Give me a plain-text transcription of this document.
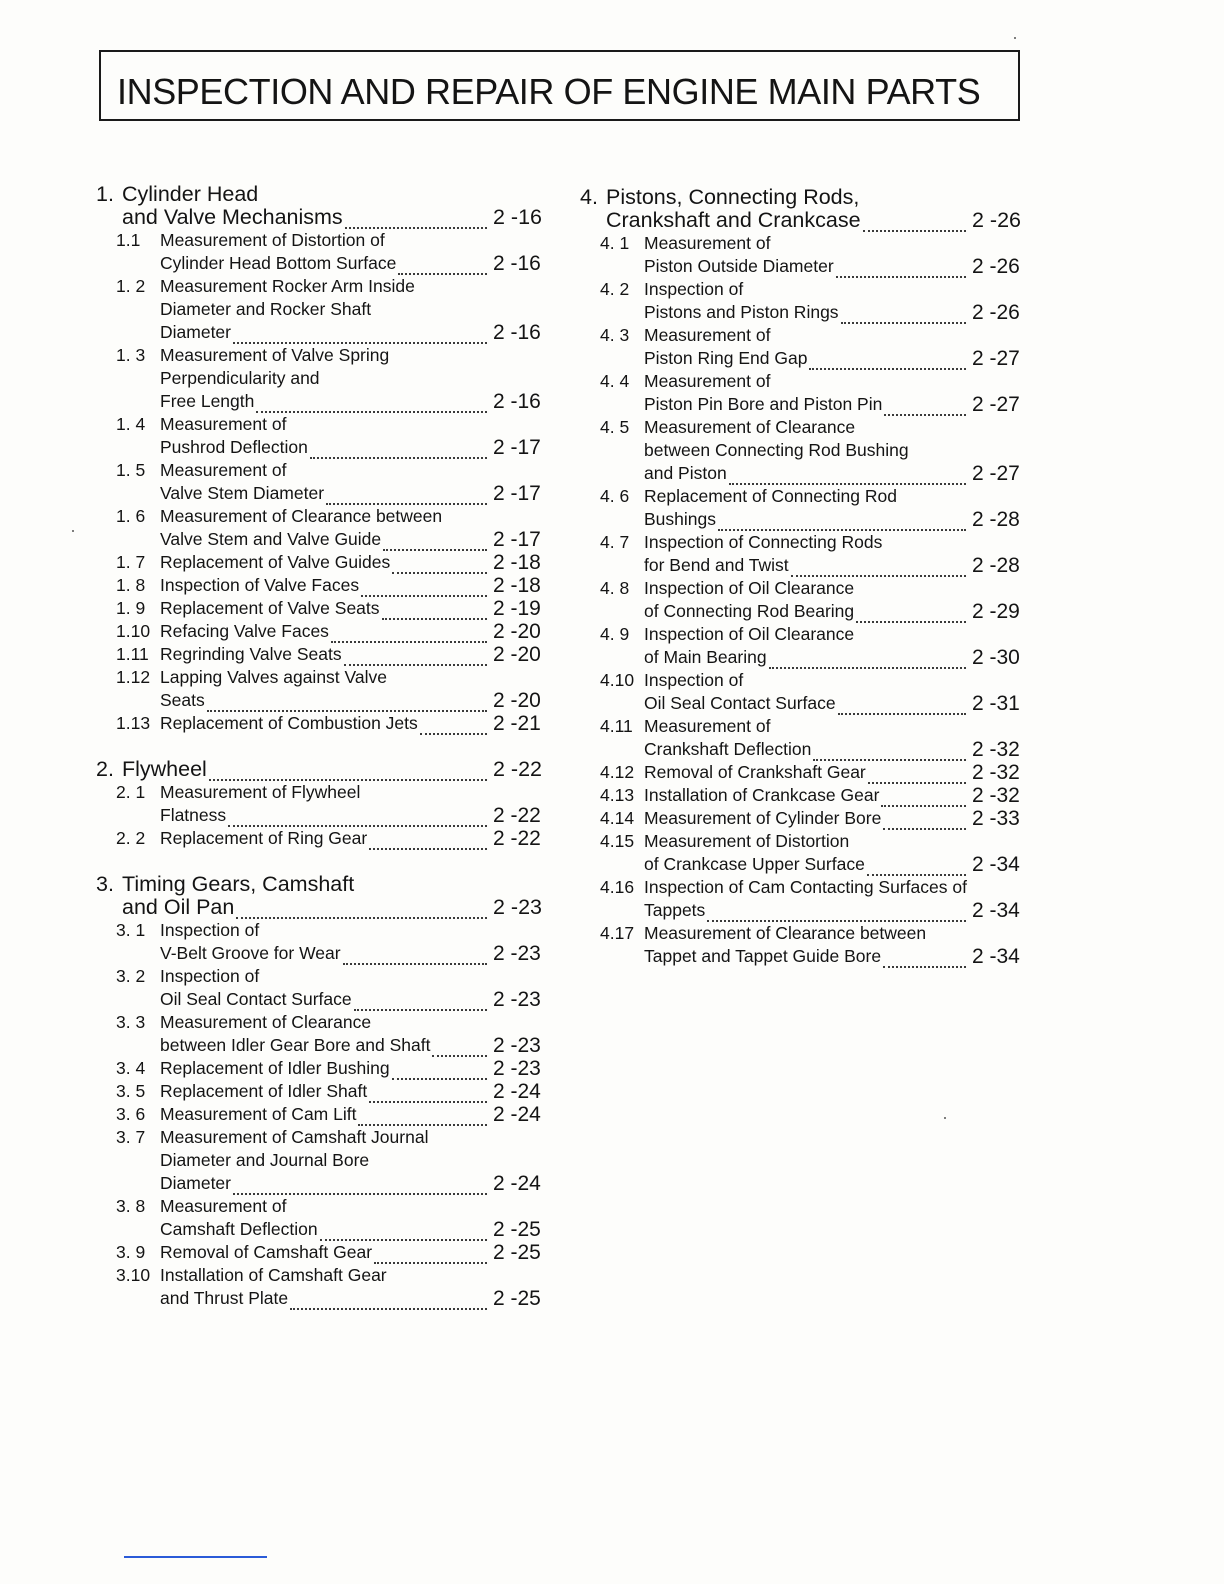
INSPECTION AND REPAIR OF ENGINE MAIN PARTS
1. Cylinder Head
and Valve Mechanisms	2 -16
1.1	Measurement of Distortion of
Cylinder Head Bottom Surface	2 -16
1. 2 Measurement Rocker Arm Inside
Diameter and Rocker Shaft
Diameter	2 -16
1. 3 Measurement of Valve Spring
Perpendicularity and
Free Length	2 -16
1. 4 Measurement of
Pushrod Deflection	2 -17
1. 5 Measurement of
Valve Stem Diameter	2 -17
1. 6 Measurement of Clearance between
Valve Stem and Valve Guide	2 -17
1. 7 Replacement of Valve Guides	2 -18
1. 8 Inspection of Valve Faces	2 -18
1. 9 Replacement of Valve Seats	2 -19
1.10 Refacing Valve Faces	2 -20
1.11 Regrinding Valve Seats	2 -20
1.12 Lapping Valves against Valve
Seats	2 -20
1.13 Replacement of Combustion Jets	2 -21
2. Flywheel	2 -22
2. 1 Measurement of Flywheel
Flatness	2 -22
2. 2 Replacement of Ring Gear	2 -22
3. Timing Gears, Camshaft
and Oil Pan	2 -23
3. 1 Inspection of
V-Belt Groove for Wear	2 -23
3. 2 Inspection of
Oil Seal Contact Surface	2 -23
3. 3 Measurement of Clearance
between Idler Gear Bore and Shaft	2 -23
3. 4 Replacement of Idler Bushing	2 -23
3. 5 Replacement of Idler Shaft	2 -24
3. 6 Measurement of Cam Lift	2 -24
3. 7 Measurement of Camshaft Journal
Diameter and Journal Bore
Diameter	2 -24
3. 8 Measurement of
Camshaft Deflection	2 -25
3. 9 Removal of Camshaft Gear	2 -25
3.10 Installation of Camshaft Gear
and Thrust Plate	2 -25
4. Pistons, Connecting Rods,
Crankshaft and Crankcase	2 -26
4. 1 Measurement of
Piston Outside Diameter	2 -26
4. 2 Inspection of
Pistons and Piston Rings	2 -26
4. 3 Measurement of
Piston Ring End Gap	2 -27
4. 4 Measurement of
Piston Pin Bore and Piston Pin	2 -27
4. 5 Measurement of Clearance
between Connecting Rod Bushing
and Piston	2 -27
4. 6 Replacement of Connecting Rod
Bushings	2 -28
4. 7 Inspection of Connecting Rods
for Bend and Twist	2 -28
4. 8 Inspection of Oil Clearance
of Connecting Rod Bearing	2 -29
4. 9 Inspection of Oil Clearance
of Main Bearing	2 -30
4.10 Inspection of
Oil Seal Contact Surface	2 -31
4.11 Measurement of
Crankshaft Deflection	2 -32
4.12 Removal of Crankshaft Gear	2 -32
4.13 Installation of Crankcase Gear	2 -32
4.14 Measurement of Cylinder Bore	2 -33
4.15 Measurement of Distortion
of Crankcase Upper Surface	2 -34
4.16 Inspection of Cam Contacting Surfaces of
Tappets	2 -34
4.17 Measurement of Clearance between
Tappet and Tappet Guide Bore	2 -34
